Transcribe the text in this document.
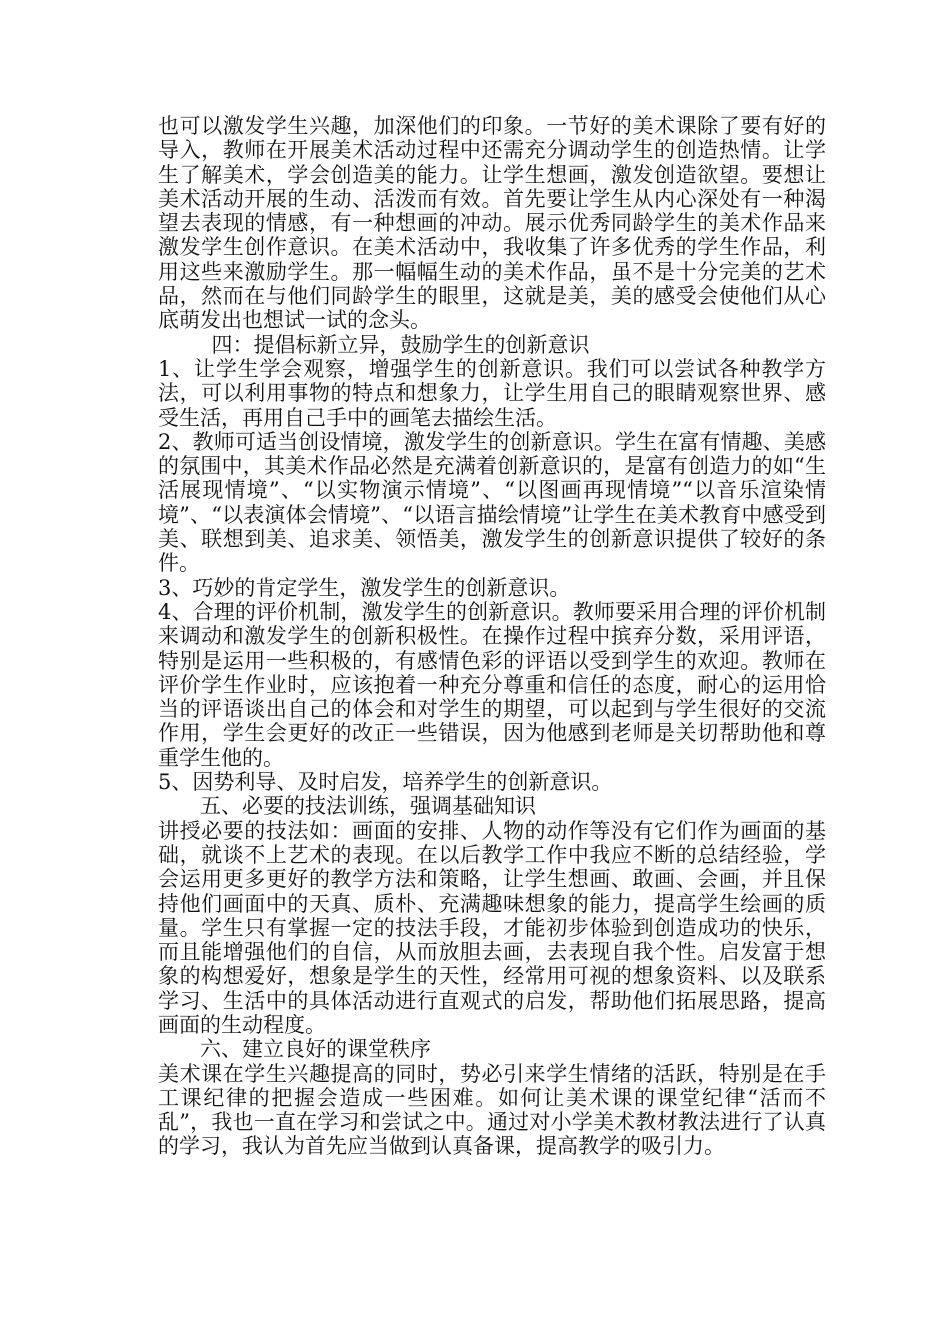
也可以激发学生兴趣，加深他们的印象。一节好的美术课除了要有好的导入，教师在开展美术活动过程中还需充分调动学生的创造热情。让学生了解美术，学会创造美的能力。让学生想画，激发创造欲望。要想让美术活动开展的生动、活泼而有效。首先要让学生从内心深处有一种渴望去表现的情感，有一种想画的冲动。展示优秀同龄学生的美术作品来激发学生创作意识。在美术活动中，我收集了许多优秀的学生作品，利用这些来激励学生。那一幅幅生动的美术作品，虽不是十分完美的艺术品，然而在与他们同龄学生的眼里，这就是美，美的感受会使他们从心底萌发出也想试一试的念头。

四：提倡标新立异，鼓励学生的创新意识

1、让学生学会观察，增强学生的创新意识。我们可以尝试各种教学方法，可以利用事物的特点和想象力，让学生用自己的眼睛观察世界、感受生活，再用自己手中的画笔去描绘生活。

2、教师可适当创设情境，激发学生的创新意识。学生在富有情趣、美感的氛围中，其美术作品必然是充满着创新意识的，是富有创造力的如“生活展现情境”、“以实物演示情境”、“以图画再现情境”“以音乐渲染情境”、“以表演体会情境”、“以语言描绘情境”让学生在美术教育中感受到美、联想到美、追求美、领悟美，激发学生的创新意识提供了较好的条件。

3、巧妙的肯定学生，激发学生的创新意识。

4、合理的评价机制，激发学生的创新意识。教师要采用合理的评价机制来调动和激发学生的创新积极性。在操作过程中摈弃分数，采用评语，特别是运用一些积极的，有感情色彩的评语以受到学生的欢迎。教师在评价学生作业时，应该抱着一种充分尊重和信任的态度，耐心的运用恰当的评语谈出自己的体会和对学生的期望，可以起到与学生很好的交流作用，学生会更好的改正一些错误，因为他感到老师是关切帮助他和尊重学生他的。

5、因势利导、及时启发，培养学生的创新意识。

五、必要的技法训练，强调基础知识

讲授必要的技法如：画面的安排、人物的动作等没有它们作为画面的基础，就谈不上艺术的表现。在以后教学工作中我应不断的总结经验，学会运用更多更好的教学方法和策略，让学生想画、敢画、会画，并且保持他们画面中的天真、质朴、充满趣味想象的能力，提高学生绘画的质量。学生只有掌握一定的技法手段，才能初步体验到创造成功的快乐，而且能增强他们的自信，从而放胆去画，去表现自我个性。启发富于想象的构想爱好，想象是学生的天性，经常用可视的想象资料、以及联系学习、生活中的具体活动进行直观式的启发，帮助他们拓展思路，提高画面的生动程度。

六、建立良好的课堂秩序

美术课在学生兴趣提高的同时，势必引来学生情绪的活跃，特别是在手工课纪律的把握会造成一些困难。如何让美术课的课堂纪律“活而不乱”，我也一直在学习和尝试之中。通过对小学美术教材教法进行了认真的学习，我认为首先应当做到认真备课，提高教学的吸引力。
